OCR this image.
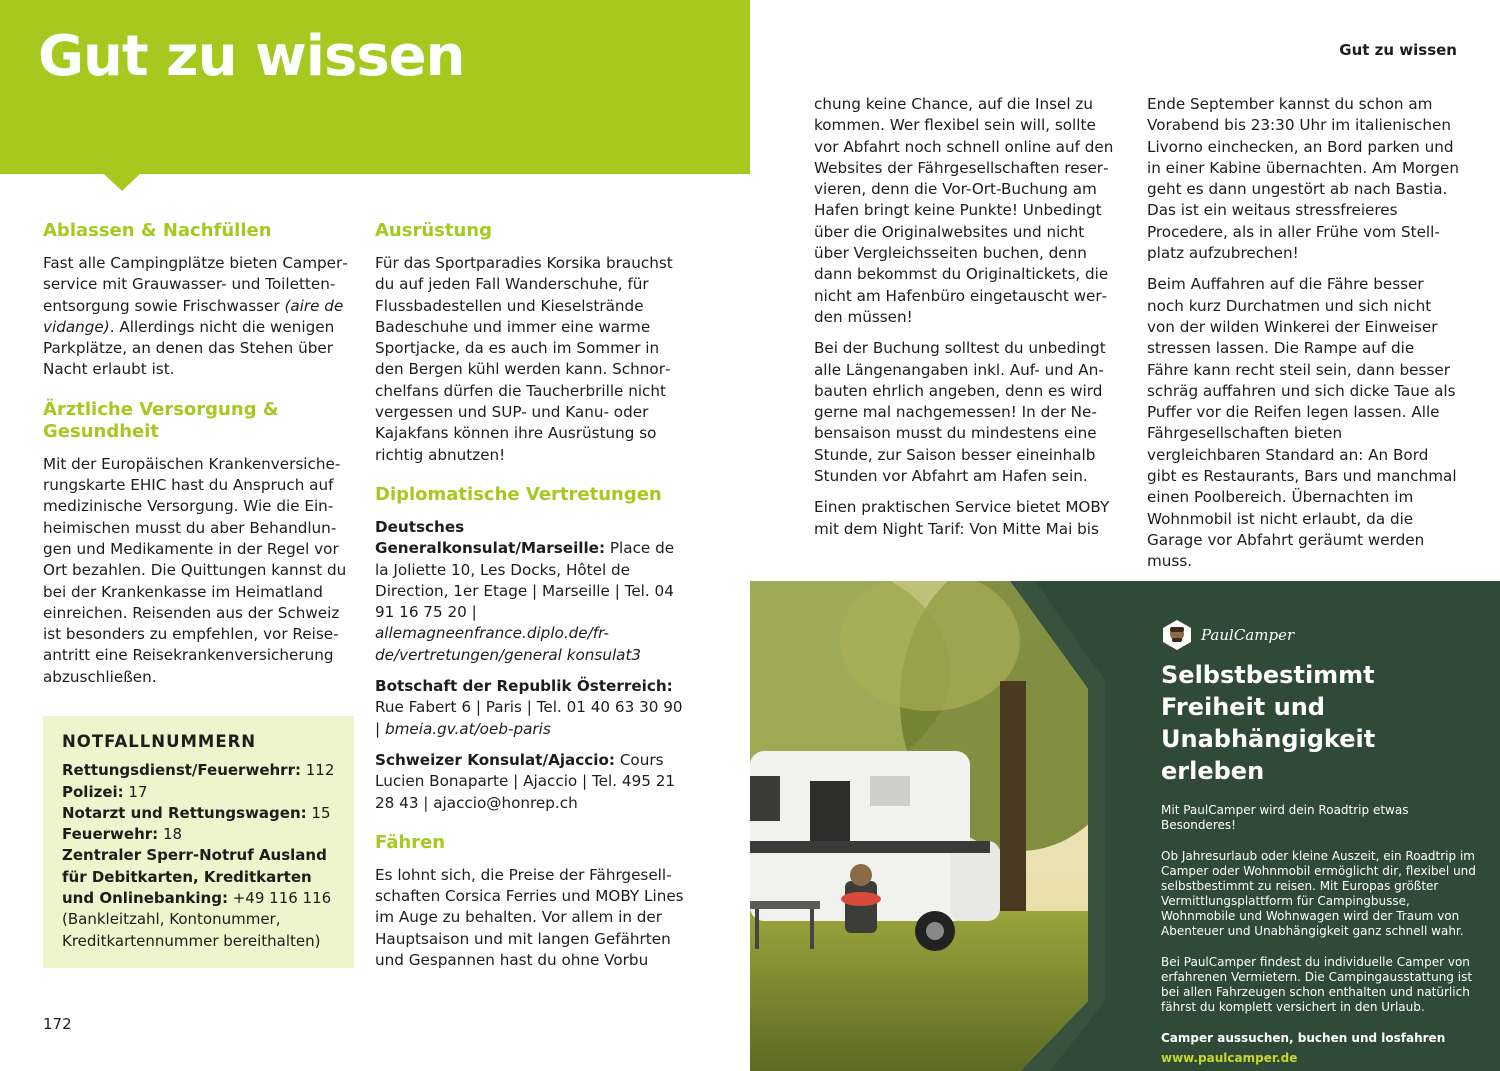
Gut zu wissen	Gut zu wissen
Ablassen & Nachfüllen

Fast alle Campingplätze bieten Camperservice mit Grauwasser- und Toilettenentsorgung sowie Frischwasser (aire de vidange). Allerdings nicht die wenigen Parkplätze, an denen das Stehen über Nacht erlaubt ist.

Ärztliche Versorgung & Gesundheit

Mit der Europäischen Krankenversicherungskarte EHIC hast du Anspruch auf medizinische Versorgung. Wie die Einheimischen musst du aber Behandlungen und Medikamente in der Regel vor Ort bezahlen. Die Quittungen kannst du bei der Krankenkasse im Heimatland einreichen. Reisenden aus der Schweiz ist besonders zu empfehlen, vor Reiseantritt eine Reisekrankenversicherung abzuschließen.

NOTFALLNUMMERN
Rettungsdienst/Feuerwehrr: 112
Polizei: 17
Notarzt und Rettungswagen: 15
Feuerwehr: 18
Zentraler Sperr-Notruf Ausland für Debitkarten, Kreditkarten und Onlinebanking: +49 116 116 (Bankleitzahl, Kontonummer, Kreditkartennummer bereithalten)
172
Ausrüstung

Für das Sportparadies Korsika brauchst du auf jeden Fall Wanderschuhe, für Flussbadestellen und Kieselstrände Badeschuhe und immer eine warme Sportjacke, da es auch im Sommer in den Bergen kühl werden kann. Schnorchelfans dürfen die Taucherbrille nicht vergessen und SUP- und Kanu- oder Kajakfans können ihre Ausrüstung so richtig abnutzen!

Diplomatische Vertretungen

Deutsches Generalkonsulat/Marseille: Place de la Joliette 10, Les Docks, Hôtel de Direction, 1er Etage | Marseille | Tel. 04 91 16 75 20 | allemagneenfrance.diplo.de/fr-de/vertretungen/general konsulat3

Botschaft der Republik Österreich: Rue Fabert 6 | Paris | Tel. 01 40 63 30 90 | bmeia.gv.at/oeb-paris

Schweizer Konsulat/Ajaccio: Cours Lucien Bonaparte | Ajaccio | Tel. 495 21 28 43 | ajaccio@honrep.ch

Fähren

Es lohnt sich, die Preise der Fährgesellschaften Corsica Ferries und MOBY Lines im Auge zu behalten. Vor allem in der Hauptsaison und mit langen Gefährten und Gespannen hast du ohne Vorbu

chung keine Chance, auf die Insel zu kommen. Wer flexibel sein will, sollte vor Abfahrt noch schnell online auf den Websites der Fährgesellschaften reservieren, denn die Vor-Ort-Buchung am Hafen bringt keine Punkte! Unbedingt über die Originalwebsites und nicht über Vergleichsseiten buchen, denn dann bekommst du Originaltickets, die nicht am Hafenbüro eingetauscht werden müssen!

Bei der Buchung solltest du unbedingt alle Längenangaben inkl. Auf- und Anbauten ehrlich angeben, denn es wird gerne mal nachgemessen! In der Nebensaison musst du mindestens eine Stunde, zur Saison besser eineinhalb Stunden vor Abfahrt am Hafen sein.

Einen praktischen Service bietet MOBY mit dem Night Tarif: Von Mitte Mai bis

Ende September kannst du schon am Vorabend bis 23:30 Uhr im italienischen Livorno einchecken, an Bord parken und in einer Kabine übernachten. Am Morgen geht es dann ungestört ab nach Bastia. Das ist ein weitaus stressfreieres Procedere, als in aller Frühe vom Stellplatz aufzubrechen!

Beim Auffahren auf die Fähre besser noch kurz Durchatmen und sich nicht von der wilden Winkerei der Einweiser stressen lassen. Die Rampe auf die Fähre kann recht steil sein, dann besser schräg auffahren und sich dicke Taue als Puffer vor die Reifen legen lassen. Alle Fährgesellschaften bieten vergleichbaren Standard an: An Bord gibt es Restaurants, Bars und manchmal einen Poolbereich. Übernachten im Wohnmobil ist nicht erlaubt, da die Garage vor Abfahrt geräumt werden muss.

PaulCamper
Selbstbestimmt Freiheit und Unabhängigkeit erleben

Mit PaulCamper wird dein Roadtrip etwas Besonderes!

Ob Jahresurlaub oder kleine Auszeit, ein Roadtrip im Camper oder Wohnmobil ermöglicht dir, flexibel und selbstbestimmt zu reisen. Mit Europas größter Vermittlungsplattform für Campingbusse, Wohnmobile und Wohnwagen wird der Traum von Abenteuer und Unabhängigkeit ganz schnell wahr.

Bei PaulCamper findest du individuelle Camper von erfahrenen Vermietern. Die Campingausstattung ist bei allen Fahrzeugen schon enthalten und natürlich fährst du komplett versichert in den Urlaub.

Camper aussuchen, buchen und losfahren
www.paulcamper.de
